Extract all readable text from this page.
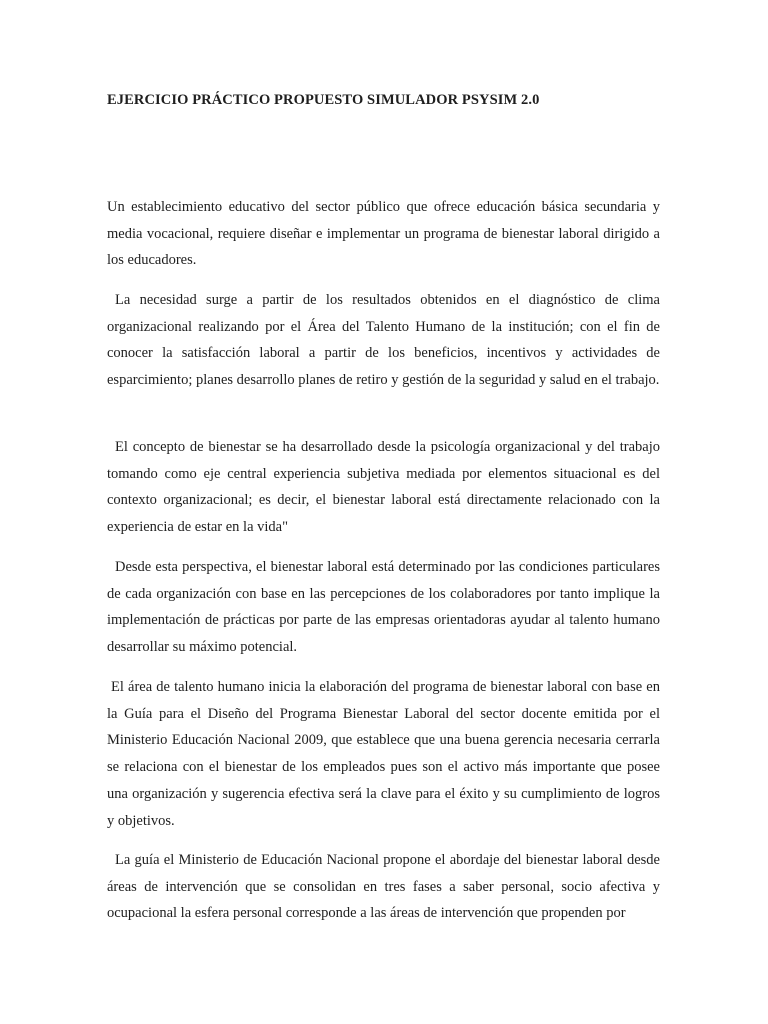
EJERCICIO PRÁCTICO PROPUESTO SIMULADOR PSYSIM 2.0

Un establecimiento educativo del sector público que ofrece educación básica secundaria y media vocacional, requiere diseñar e implementar un programa de bienestar laboral dirigido a los educadores.

La necesidad surge a partir de los resultados obtenidos en el diagnóstico de clima organizacional realizando por el Área del Talento Humano de la institución; con el fin de conocer la satisfacción laboral a partir de los beneficios, incentivos y actividades de esparcimiento; planes desarrollo planes de retiro y gestión de la seguridad y salud en el trabajo.

El concepto de bienestar se ha desarrollado desde la psicología organizacional y del trabajo tomando como eje central experiencia subjetiva mediada por elementos situacional es del contexto organizacional; es decir, el bienestar laboral está directamente relacionado con la experiencia de estar en la vida"

Desde esta perspectiva, el bienestar laboral está determinado por las condiciones particulares de cada organización con base en las percepciones de los colaboradores por tanto implique la implementación de prácticas por parte de las empresas orientadoras ayudar al talento humano desarrollar su máximo potencial.

El área de talento humano inicia la elaboración del programa de bienestar laboral con base en la Guía para el Diseño del Programa Bienestar Laboral del sector docente emitida por el Ministerio Educación Nacional 2009, que establece que una buena gerencia necesaria cerrarla se relaciona con el bienestar de los empleados pues son el activo más importante que posee una organización y sugerencia efectiva será la clave para el éxito y su cumplimiento de logros y objetivos.

La guía el Ministerio de Educación Nacional propone el abordaje del bienestar laboral desde áreas de intervención que se consolidan en tres fases a saber personal, socio afectiva y ocupacional la esfera personal corresponde a las áreas de intervención que propenden por
